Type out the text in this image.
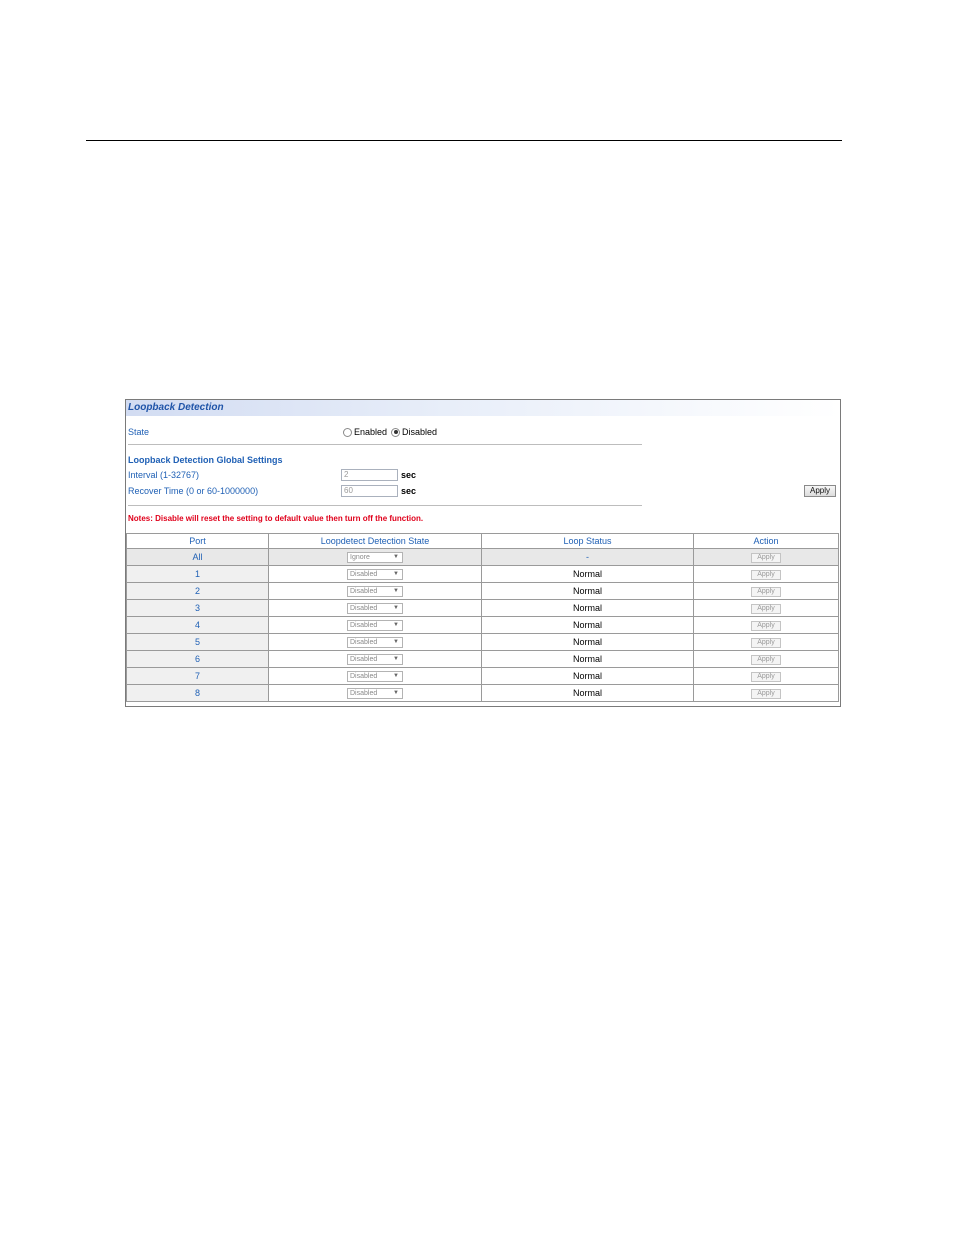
Loopback Detection
State	Enabled Disabled
Loopback Detection Global Settings
Interval (1-32767)	2	sec
Recover Time (0 or 60-1000000)	60	sec	Apply
Notes: Disable will reset the setting to default value then turn off the function.
Port	Loopdetect Detection State	Loop Status	Action
All	Ignore ▼	-	Apply
1	Disabled ▼	Normal	Apply
2	Disabled ▼	Normal	Apply
3	Disabled ▼	Normal	Apply
4	Disabled ▼	Normal	Apply
5	Disabled ▼	Normal	Apply
6	Disabled ▼	Normal	Apply
7	Disabled ▼	Normal	Apply
8	Disabled ▼	Normal	Apply
